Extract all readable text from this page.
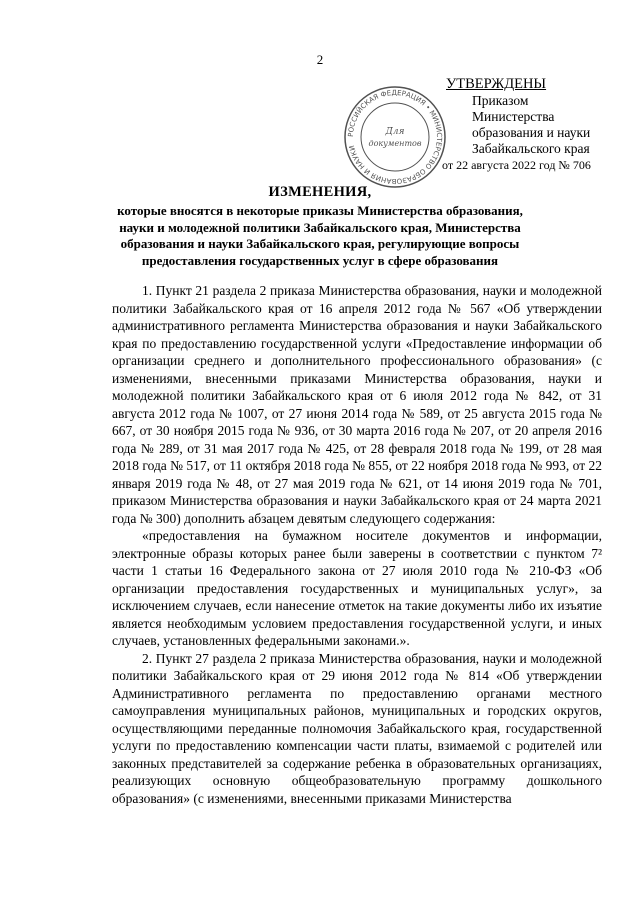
2
РОССИЙСКАЯ ФЕДЕРАЦИЯ • МИНИСТЕРСТВО ОБРАЗОВАНИЯ И НАУКИ
Для
документов
УТВЕРЖДЕНЫ
Приказом Министерства
образования и науки
Забайкальского края
от 22 августа 2022 год № 706
ИЗМЕНЕНИЯ,
которые вносятся в некоторые приказы Министерства образования, науки и молодежной политики Забайкальского края, Министерства образования и науки Забайкальского края, регулирующие вопросы предоставления государственных услуг в сфере образования

1. Пункт 21 раздела 2 приказа Министерства образования, науки и молодежной политики Забайкальского края от 16 апреля 2012 года № 567 «Об утверждении административного регламента Министерства образования и науки Забайкальского края по предоставлению государственной услуги «Предоставление информации об организации среднего и дополнительного профессионального образования» (с изменениями, внесенными приказами Министерства образования, науки и молодежной политики Забайкальского края от 6 июля 2012 года № 842, от 31 августа 2012 года № 1007, от 27 июня 2014 года № 589, от 25 августа 2015 года № 667, от 30 ноября 2015 года № 936, от 30 марта 2016 года № 207, от 20 апреля 2016 года № 289, от 31 мая 2017 года № 425, от 28 февраля 2018 года № 199, от 28 мая 2018 года № 517, от 11 октября 2018 года № 855, от 22 ноября 2018 года № 993, от 22 января 2019 года № 48, от 27 мая 2019 года № 621, от 14 июня 2019 года № 701, приказом Министерства образования и науки Забайкальского края от 24 марта 2021 года № 300) дополнить абзацем девятым следующего содержания:

«предоставления на бумажном носителе документов и информации, электронные образы которых ранее были заверены в соответствии с пунктом 7² части 1 статьи 16 Федерального закона от 27 июля 2010 года № 210-ФЗ «Об организации предоставления государственных и муниципальных услуг», за исключением случаев, если нанесение отметок на такие документы либо их изъятие является необходимым условием предоставления государственной услуги, и иных случаев, установленных федеральными законами.».

2. Пункт 27 раздела 2 приказа Министерства образования, науки и молодежной политики Забайкальского края от 29 июня 2012 года № 814 «Об утверждении Административного регламента по предоставлению органами местного самоуправления муниципальных районов, муниципальных и городских округов, осуществляющими переданные полномочия Забайкальского края, государственной услуги по предоставлению компенсации части платы, взимаемой с родителей или законных представителей за содержание ребенка в образовательных организациях, реализующих основную общеобразовательную программу дошкольного образования» (с изменениями, внесенными приказами Министерства
